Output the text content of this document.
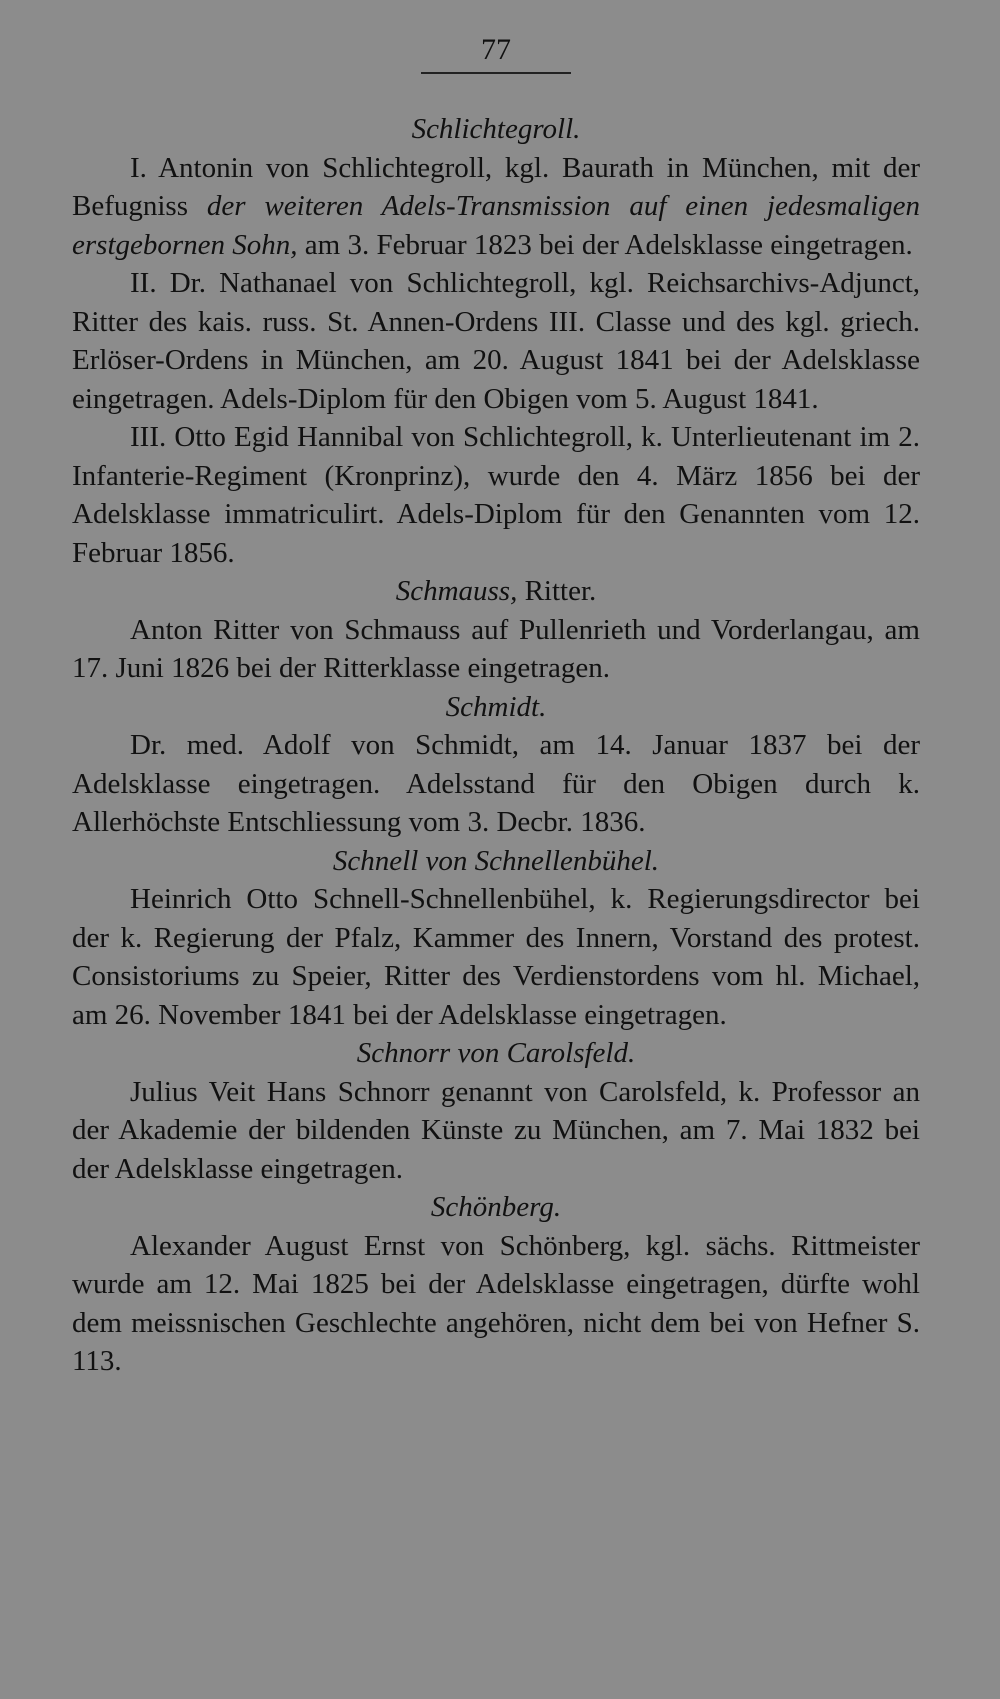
77

Schlichtegroll.

I. Antonin von Schlichtegroll, kgl. Baurath in München, mit der Befugniss der weiteren Adels-Transmission auf einen jedesmaligen erstgebornen Sohn, am 3. Februar 1823 bei der Adelsklasse eingetragen.

II. Dr. Nathanael von Schlichtegroll, kgl. Reichsarchivs-Adjunct, Ritter des kais. russ. St. Annen-Ordens III. Classe und des kgl. griech. Erlöser-Ordens in München, am 20. August 1841 bei der Adelsklasse eingetragen. Adels-Diplom für den Obigen vom 5. August 1841.

III. Otto Egid Hannibal von Schlichtegroll, k. Unterlieutenant im 2. Infanterie-Regiment (Kronprinz), wurde den 4. März 1856 bei der Adelsklasse immatriculirt. Adels-Diplom für den Genannten vom 12. Februar 1856.

Schmauss, Ritter.

Anton Ritter von Schmauss auf Pullenrieth und Vorderlangau, am 17. Juni 1826 bei der Ritterklasse eingetragen.

Schmidt.

Dr. med. Adolf von Schmidt, am 14. Januar 1837 bei der Adelsklasse eingetragen. Adelsstand für den Obigen durch k. Allerhöchste Entschliessung vom 3. Decbr. 1836.

Schnell von Schnellenbühel.

Heinrich Otto Schnell-Schnellenbühel, k. Regierungsdirector bei der k. Regierung der Pfalz, Kammer des Innern, Vorstand des protest. Consistoriums zu Speier, Ritter des Verdienstordens vom hl. Michael, am 26. November 1841 bei der Adelsklasse eingetragen.

Schnorr von Carolsfeld.

Julius Veit Hans Schnorr genannt von Carolsfeld, k. Professor an der Akademie der bildenden Künste zu München, am 7. Mai 1832 bei der Adelsklasse eingetragen.

Schönberg.

Alexander August Ernst von Schönberg, kgl. sächs. Rittmeister wurde am 12. Mai 1825 bei der Adelsklasse eingetragen, dürfte wohl dem meissnischen Geschlechte angehören, nicht dem bei von Hefner S. 113.
